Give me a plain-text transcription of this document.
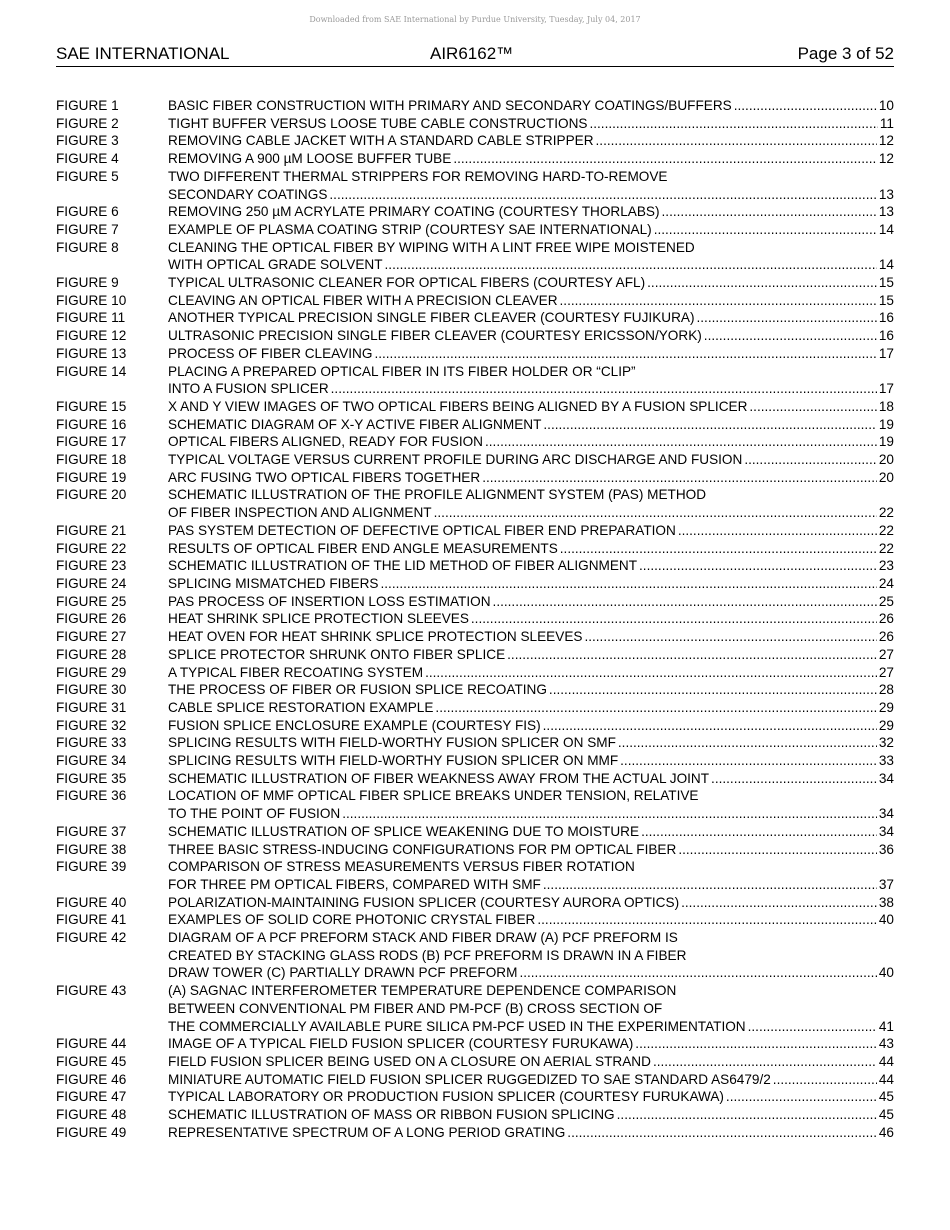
Downloaded from SAE International by Purdue University, Tuesday, July 04, 2017
SAE INTERNATIONAL	AIR6162™	Page 3 of 52
FIGURE 1	BASIC FIBER CONSTRUCTION WITH PRIMARY AND SECONDARY COATINGS/BUFFERS .....	10
FIGURE 2	TIGHT BUFFER VERSUS LOOSE TUBE CABLE CONSTRUCTIONS .....	11
FIGURE 3	REMOVING CABLE JACKET WITH A STANDARD CABLE STRIPPER .....	12
FIGURE 4	REMOVING A 900 µM LOOSE BUFFER TUBE .....	12
FIGURE 5	TWO DIFFERENT THERMAL STRIPPERS FOR REMOVING HARD-TO-REMOVE
SECONDARY COATINGS .....	13
FIGURE 6	REMOVING 250 µM ACRYLATE PRIMARY COATING (COURTESY THORLABS) .....	13
FIGURE 7	EXAMPLE OF PLASMA COATING STRIP (COURTESY SAE INTERNATIONAL) .....	14
FIGURE 8	CLEANING THE OPTICAL FIBER BY WIPING WITH A LINT FREE WIPE MOISTENED
WITH OPTICAL GRADE SOLVENT .....	14
FIGURE 9	TYPICAL ULTRASONIC CLEANER FOR OPTICAL FIBERS (COURTESY AFL) .....	15
FIGURE 10	CLEAVING AN OPTICAL FIBER WITH A PRECISION CLEAVER .....	15
FIGURE 11	ANOTHER TYPICAL PRECISION SINGLE FIBER CLEAVER (COURTESY FUJIKURA) .....	16
FIGURE 12	ULTRASONIC PRECISION SINGLE FIBER CLEAVER (COURTESY ERICSSON/YORK) .....	16
FIGURE 13	PROCESS OF FIBER CLEAVING .....	17
FIGURE 14	PLACING A PREPARED OPTICAL FIBER IN ITS FIBER HOLDER OR “CLIP”
INTO A FUSION SPLICER .....	17
FIGURE 15	X AND Y VIEW IMAGES OF TWO OPTICAL FIBERS BEING ALIGNED BY A FUSION SPLICER .....	18
FIGURE 16	SCHEMATIC DIAGRAM OF X-Y ACTIVE FIBER ALIGNMENT .....	19
FIGURE 17	OPTICAL FIBERS ALIGNED, READY FOR FUSION .....	19
FIGURE 18	TYPICAL VOLTAGE VERSUS CURRENT PROFILE DURING ARC DISCHARGE AND FUSION .....	20
FIGURE 19	ARC FUSING TWO OPTICAL FIBERS TOGETHER .....	20
FIGURE 20	SCHEMATIC ILLUSTRATION OF THE PROFILE ALIGNMENT SYSTEM (PAS) METHOD
OF FIBER INSPECTION AND ALIGNMENT .....	22
FIGURE 21	PAS SYSTEM DETECTION OF DEFECTIVE OPTICAL FIBER END PREPARATION .....	22
FIGURE 22	RESULTS OF OPTICAL FIBER END ANGLE MEASUREMENTS .....	22
FIGURE 23	SCHEMATIC ILLUSTRATION OF THE LID METHOD OF FIBER ALIGNMENT .....	23
FIGURE 24	SPLICING MISMATCHED FIBERS .....	24
FIGURE 25	PAS PROCESS OF INSERTION LOSS ESTIMATION .....	25
FIGURE 26	HEAT SHRINK SPLICE PROTECTION SLEEVES .....	26
FIGURE 27	HEAT OVEN FOR HEAT SHRINK SPLICE PROTECTION SLEEVES .....	26
FIGURE 28	SPLICE PROTECTOR SHRUNK ONTO FIBER SPLICE .....	27
FIGURE 29	A TYPICAL FIBER RECOATING SYSTEM .....	27
FIGURE 30	THE PROCESS OF FIBER OR FUSION SPLICE RECOATING .....	28
FIGURE 31	CABLE SPLICE RESTORATION EXAMPLE .....	29
FIGURE 32	FUSION SPLICE ENCLOSURE EXAMPLE (COURTESY FIS) .....	29
FIGURE 33	SPLICING RESULTS WITH FIELD-WORTHY FUSION SPLICER ON SMF .....	32
FIGURE 34	SPLICING RESULTS WITH FIELD-WORTHY FUSION SPLICER ON MMF .....	33
FIGURE 35	SCHEMATIC ILLUSTRATION OF FIBER WEAKNESS AWAY FROM THE ACTUAL JOINT .....	34
FIGURE 36	LOCATION OF MMF OPTICAL FIBER SPLICE BREAKS UNDER TENSION, RELATIVE
TO THE POINT OF FUSION .....	34
FIGURE 37	SCHEMATIC ILLUSTRATION OF SPLICE WEAKENING DUE TO MOISTURE .....	34
FIGURE 38	THREE BASIC STRESS-INDUCING CONFIGURATIONS FOR PM OPTICAL FIBER .....	36
FIGURE 39	COMPARISON OF STRESS MEASUREMENTS VERSUS FIBER ROTATION
FOR THREE PM OPTICAL FIBERS, COMPARED WITH SMF .....	37
FIGURE 40	POLARIZATION-MAINTAINING FUSION SPLICER (COURTESY AURORA OPTICS) .....	38
FIGURE 41	EXAMPLES OF SOLID CORE PHOTONIC CRYSTAL FIBER .....	40
FIGURE 42	DIAGRAM OF A PCF PREFORM STACK AND FIBER DRAW (A) PCF PREFORM IS
CREATED BY STACKING GLASS RODS (B) PCF PREFORM IS DRAWN IN A FIBER
DRAW TOWER (C) PARTIALLY DRAWN PCF PREFORM .....	40
FIGURE 43	(A) SAGNAC INTERFEROMETER TEMPERATURE DEPENDENCE COMPARISON
BETWEEN CONVENTIONAL PM FIBER AND PM-PCF (B) CROSS SECTION OF
THE COMMERCIALLY AVAILABLE PURE SILICA PM-PCF USED IN THE EXPERIMENTATION .....	41
FIGURE 44	IMAGE OF A TYPICAL FIELD FUSION SPLICER (COURTESY FURUKAWA) .....	43
FIGURE 45	FIELD FUSION SPLICER BEING USED ON A CLOSURE ON AERIAL STRAND .....	44
FIGURE 46	MINIATURE AUTOMATIC FIELD FUSION SPLICER RUGGEDIZED TO SAE STANDARD AS6479/2 .....	44
FIGURE 47	TYPICAL LABORATORY OR PRODUCTION FUSION SPLICER (COURTESY FURUKAWA) .....	45
FIGURE 48	SCHEMATIC ILLUSTRATION OF MASS OR RIBBON FUSION SPLICING .....	45
FIGURE 49	REPRESENTATIVE SPECTRUM OF A LONG PERIOD GRATING .....	46
